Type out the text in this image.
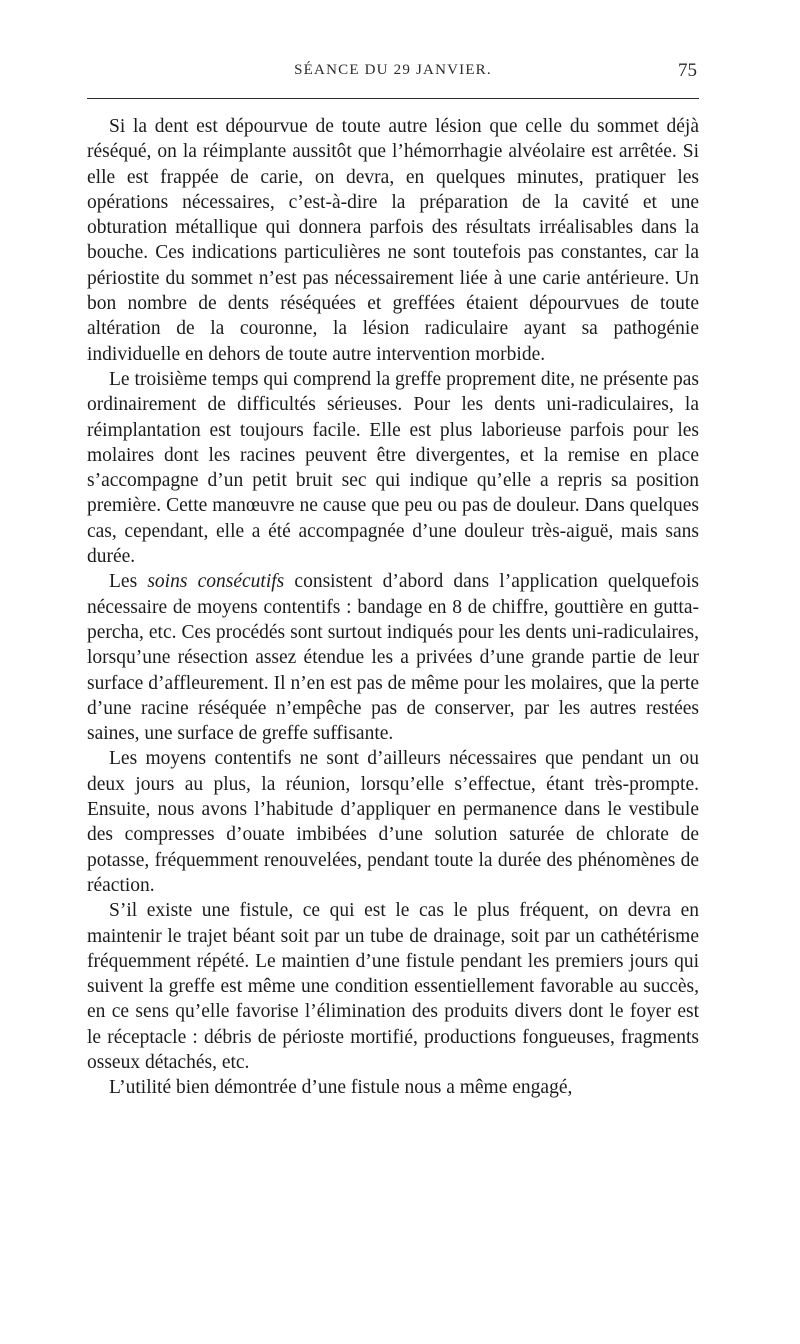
SÉANCE DU 29 JANVIER.	75

Si la dent est dépourvue de toute autre lésion que celle du sommet déjà réséqué, on la réimplante aussitôt que l’hémorrhagie alvéolaire est arrêtée. Si elle est frappée de carie, on devra, en quelques minutes, pratiquer les opérations nécessaires, c’est-à-dire la préparation de la cavité et une obturation métallique qui donnera parfois des résultats irréalisables dans la bouche. Ces indications particulières ne sont toutefois pas constantes, car la périostite du sommet n’est pas nécessairement liée à une carie antérieure. Un bon nombre de dents réséquées et greffées étaient dépourvues de toute altération de la couronne, la lésion radiculaire ayant sa pathogénie individuelle en dehors de toute autre intervention morbide.

Le troisième temps qui comprend la greffe proprement dite, ne présente pas ordinairement de difficultés sérieuses. Pour les dents uni-radiculaires, la réimplantation est toujours facile. Elle est plus laborieuse parfois pour les molaires dont les racines peuvent être divergentes, et la remise en place s’accompagne d’un petit bruit sec qui indique qu’elle a repris sa position première. Cette manœuvre ne cause que peu ou pas de douleur. Dans quelques cas, cependant, elle a été accompagnée d’une douleur très-aiguë, mais sans durée.

Les soins consécutifs consistent d’abord dans l’application quelquefois nécessaire de moyens contentifs : bandage en 8 de chiffre, gouttière en gutta-percha, etc. Ces procédés sont surtout indiqués pour les dents uni-radiculaires, lorsqu’une résection assez étendue les a privées d’une grande partie de leur surface d’affleurement. Il n’en est pas de même pour les molaires, que la perte d’une racine réséquée n’empêche pas de conserver, par les autres restées saines, une surface de greffe suffisante.

Les moyens contentifs ne sont d’ailleurs nécessaires que pendant un ou deux jours au plus, la réunion, lorsqu’elle s’effectue, étant très-prompte. Ensuite, nous avons l’habitude d’appliquer en permanence dans le vestibule des compresses d’ouate imbibées d’une solution saturée de chlorate de potasse, fréquemment renouvelées, pendant toute la durée des phénomènes de réaction.

S’il existe une fistule, ce qui est le cas le plus fréquent, on devra en maintenir le trajet béant soit par un tube de drainage, soit par un cathétérisme fréquemment répété. Le maintien d’une fistule pendant les premiers jours qui suivent la greffe est même une condition essentiellement favorable au succès, en ce sens qu’elle favorise l’élimination des produits divers dont le foyer est le réceptacle : débris de périoste mortifié, productions fongueuses, fragments osseux détachés, etc.

L’utilité bien démontrée d’une fistule nous a même engagé,
